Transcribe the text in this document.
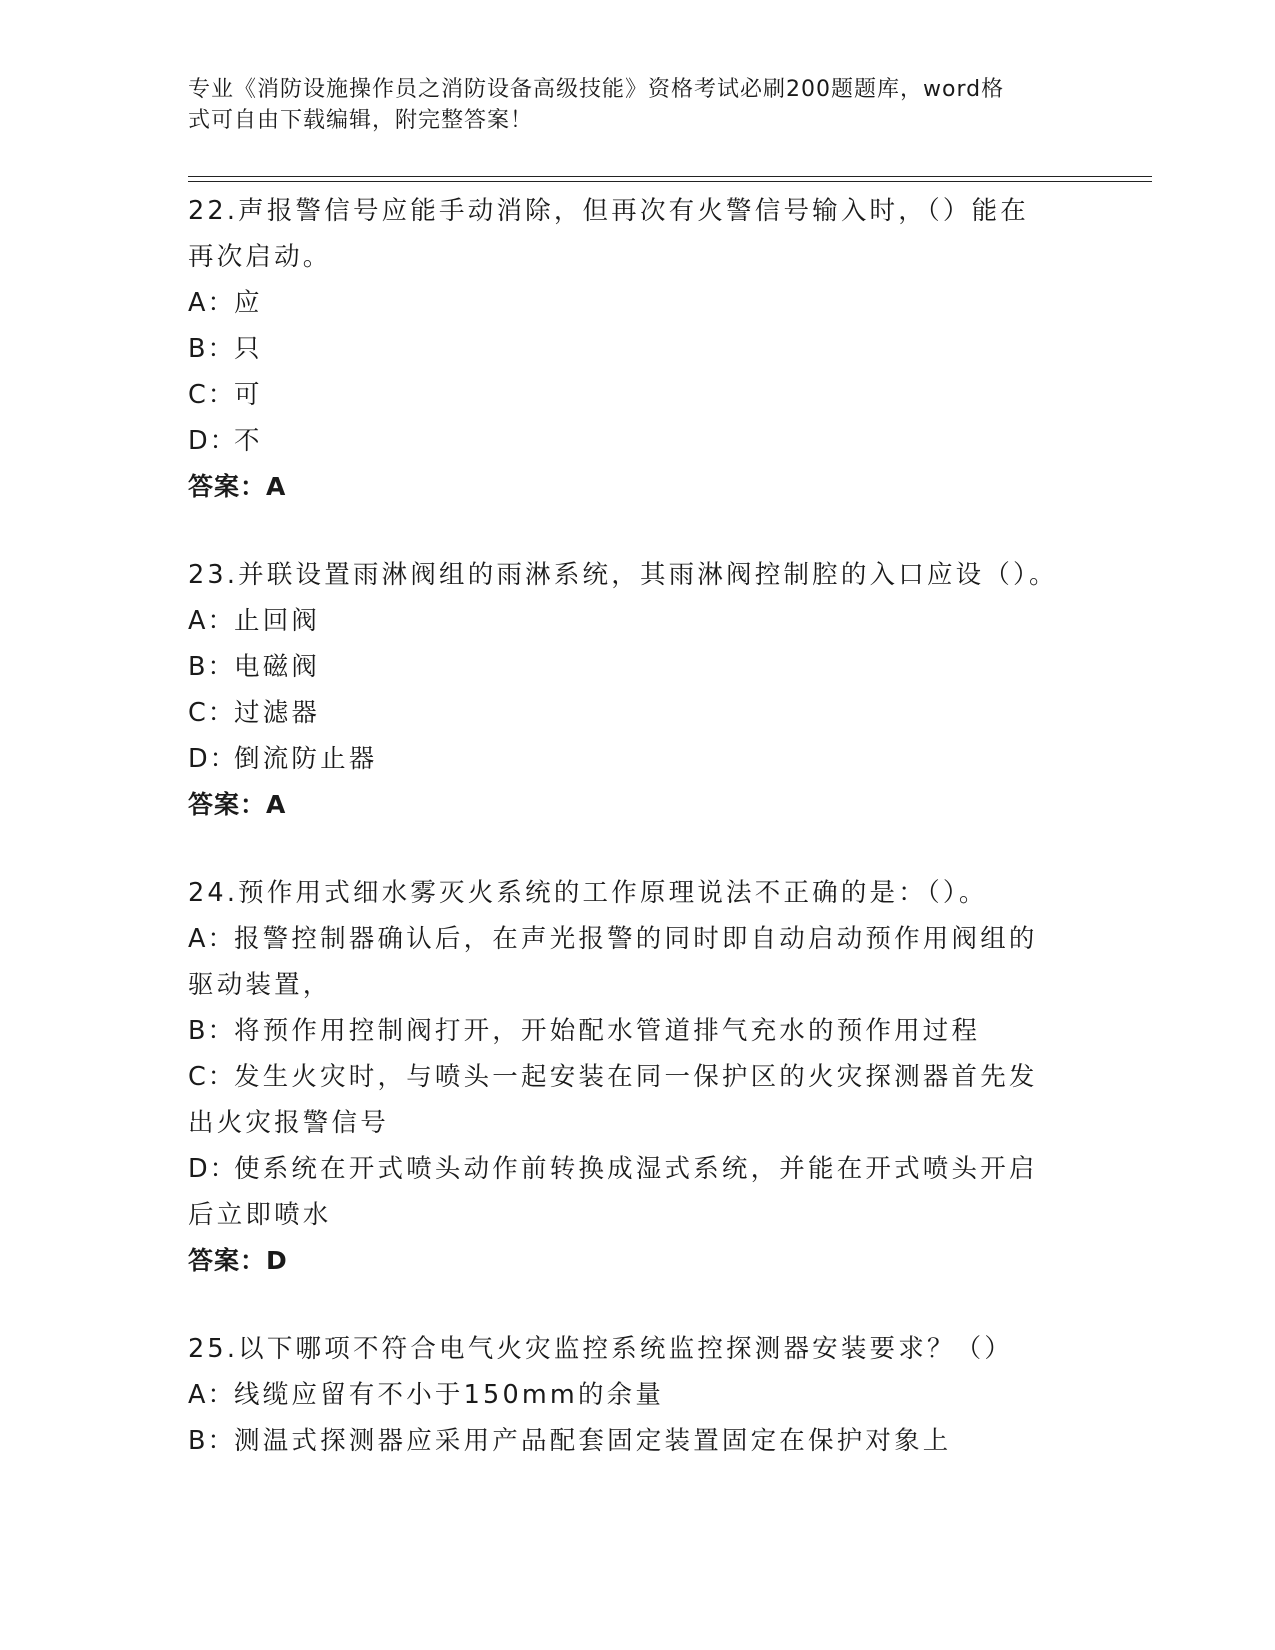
专业《消防设施操作员之消防设备高级技能》资格考试必刷200题题库，word格
式可自由下载编辑，附完整答案！
22.声报警信号应能手动消除，但再次有火警信号输入时，（）能在再次启动。
A： 应
B： 只
C：
可
D：
不
答案：A
23.并联设置雨淋阀组的雨淋系统，其雨淋阀控制腔的入口应设（）。
A： 止回阀
B： 电磁阀
C：
过滤器
D：
倒流防止器
答案：A
24.预作用式细水雾灭火系统的工作原理说法不正确的是：（）。
A：报警控制器确认后，在声光报警的同时即自动启动预作用阀组的驱动装置，
B： 将预作用控制阀打开，开始配水管道排气充水的预作用过程
C：发生火灾时，与喷头一起安装在同一保护区的火灾探测器首先发出火灾报警信号
D：使系统在开式喷头动作前转换成湿式系统，并能在开式喷头开启后立即喷水
答案：D
25.以下哪项不符合电气火灾监控系统监控探测器安装要求？（）
A： 线缆应留有不小于150mm的余量
B： 测温式探测器应采用产品配套固定装置固定在保护对象上
